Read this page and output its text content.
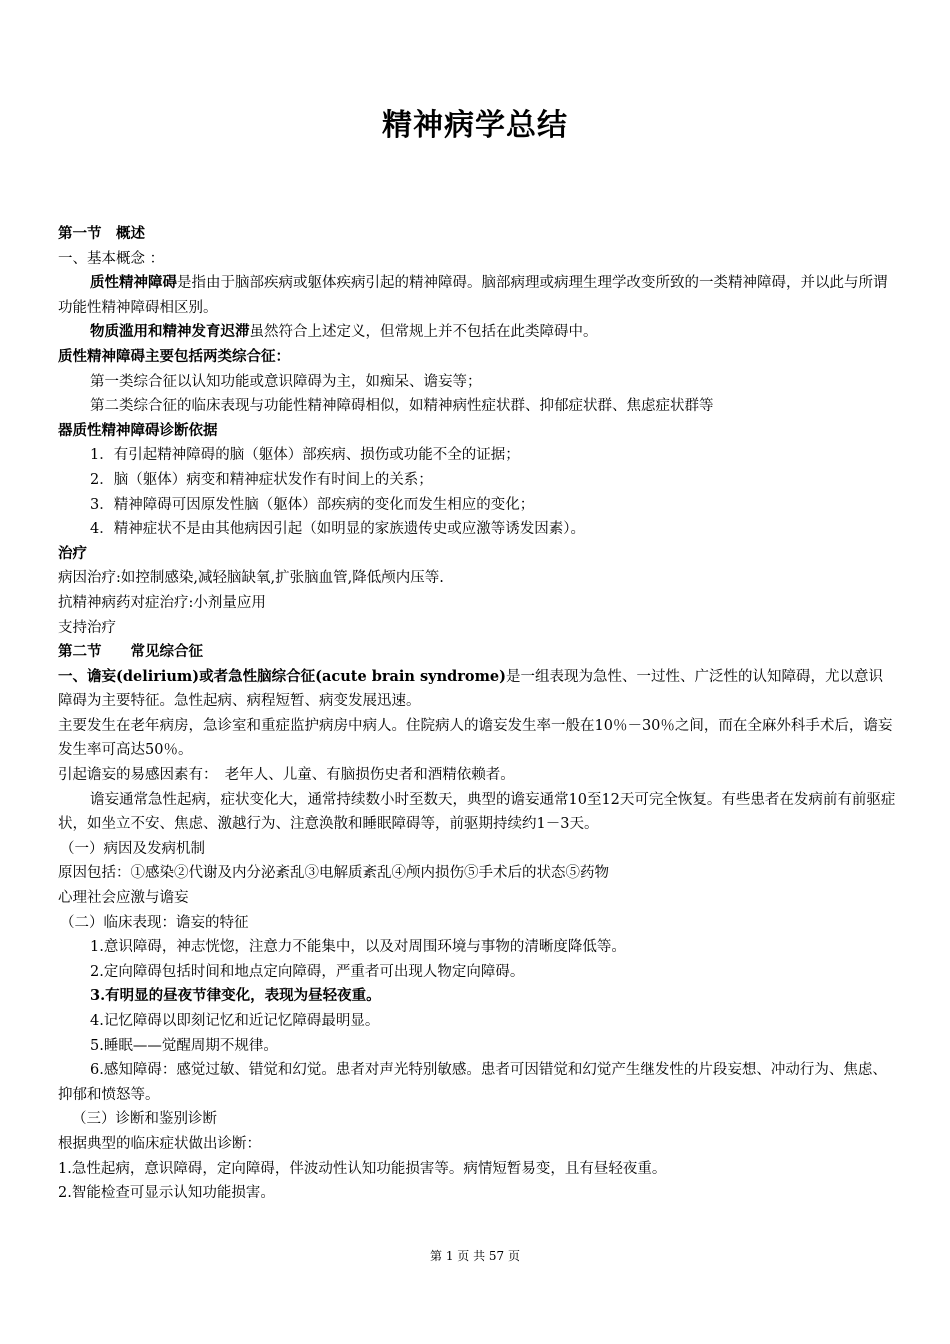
精神病学总结

第一节　概述

一、基本概念 ：

质性精神障碍是指由于脑部疾病或躯体疾病引起的精神障碍。脑部病理或病理生理学改变所致的一类精神障碍，并以此与所谓功能性精神障碍相区别。

物质滥用和精神发育迟滞虽然符合上述定义，但常规上并不包括在此类障碍中。

质性精神障碍主要包括两类综合征：

第一类综合征以认知功能或意识障碍为主，如痴呆、谵妄等；

第二类综合征的临床表现与功能性精神障碍相似，如精神病性症状群、抑郁症状群、焦虑症状群等

器质性精神障碍诊断依据

1．有引起精神障碍的脑（躯体）部疾病、损伤或功能不全的证据；

2．脑（躯体）病变和精神症状发作有时间上的关系；

3．精神障碍可因原发性脑（躯体）部疾病的变化而发生相应的变化；

4．精神症状不是由其他病因引起（如明显的家族遗传史或应激等诱发因素）。

治疗

病因治疗:如控制感染,减轻脑缺氧,扩张脑血管,降低颅内压等.

抗精神病药对症治疗:小剂量应用

支持治疗

第二节　　常见综合征

一、谵妄(delirium)或者急性脑综合征(acute brain syndrome)是一组表现为急性、一过性、广泛性的认知障碍，尤以意识障碍为主要特征。急性起病、病程短暂、病变发展迅速。

主要发生在老年病房，急诊室和重症监护病房中病人。住院病人的谵妄发生率一般在10％－30％之间，而在全麻外科手术后，谵妄发生率可高达50％。

引起谵妄的易感因素有：　老年人、儿童、有脑损伤史者和酒精依赖者。

谵妄通常急性起病，症状变化大，通常持续数小时至数天，典型的谵妄通常10至12天可完全恢复。有些患者在发病前有前驱症状，如坐立不安、焦虑、激越行为、注意涣散和睡眠障碍等，前驱期持续约1－3天。

（一）病因及发病机制

原因包括：①感染②代谢及内分泌紊乱③电解质紊乱④颅内损伤⑤手术后的状态⑤药物

心理社会应激与谵妄

（二）临床表现：谵妄的特征

1.意识障碍，神志恍惚，注意力不能集中，以及对周围环境与事物的清晰度降低等。

2.定向障碍包括时间和地点定向障碍，严重者可出现人物定向障碍。

3.有明显的昼夜节律变化，表现为昼轻夜重。

4.记忆障碍以即刻记忆和近记忆障碍最明显。

5.睡眠——觉醒周期不规律。

6.感知障碍：感觉过敏、错觉和幻觉。患者对声光特别敏感。患者可因错觉和幻觉产生继发性的片段妄想、冲动行为、焦虑、抑郁和愤怒等。

（三）诊断和鉴别诊断

根据典型的临床症状做出诊断：

1.急性起病，意识障碍，定向障碍，伴波动性认知功能损害等。病情短暂易变，且有昼轻夜重。

2.智能检查可显示认知功能损害。

第 1 页 共 57 页
